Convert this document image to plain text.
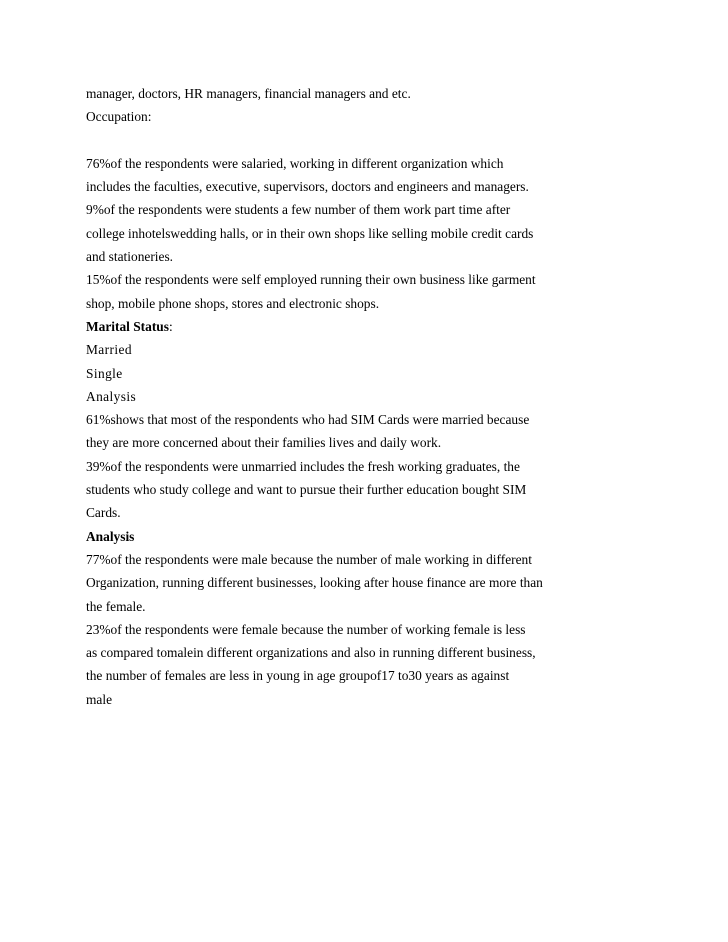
manager, doctors, HR managers, financial managers and etc.
Occupation:
76%of the respondents were salaried, working in different organization which
includes the faculties, executive, supervisors, doctors and engineers and managers.
9%of the respondents were students a few number of them work part time after
college inhotelswedding halls, or in their own shops like selling mobile credit cards
and stationeries.
15%of the respondents were self employed running their own business like garment
shop, mobile phone shops, stores and electronic shops.
Marital Status:
Married
Single
Analysis
61%shows that most of the respondents who had SIM Cards were married because
they are more concerned about their families lives and daily work.
39%of the respondents were unmarried includes the fresh working graduates, the
students who study college and want to pursue their further education bought SIM
Cards.
Analysis
77%of the respondents were male because the number of male working in different
Organization, running different businesses, looking after house finance are more than
the female.
23%of the respondents were female because the number of working female is less
as compared tomalein different organizations and also in running different business,
the number of females are less in young in age groupof17 to30 years as against
male
